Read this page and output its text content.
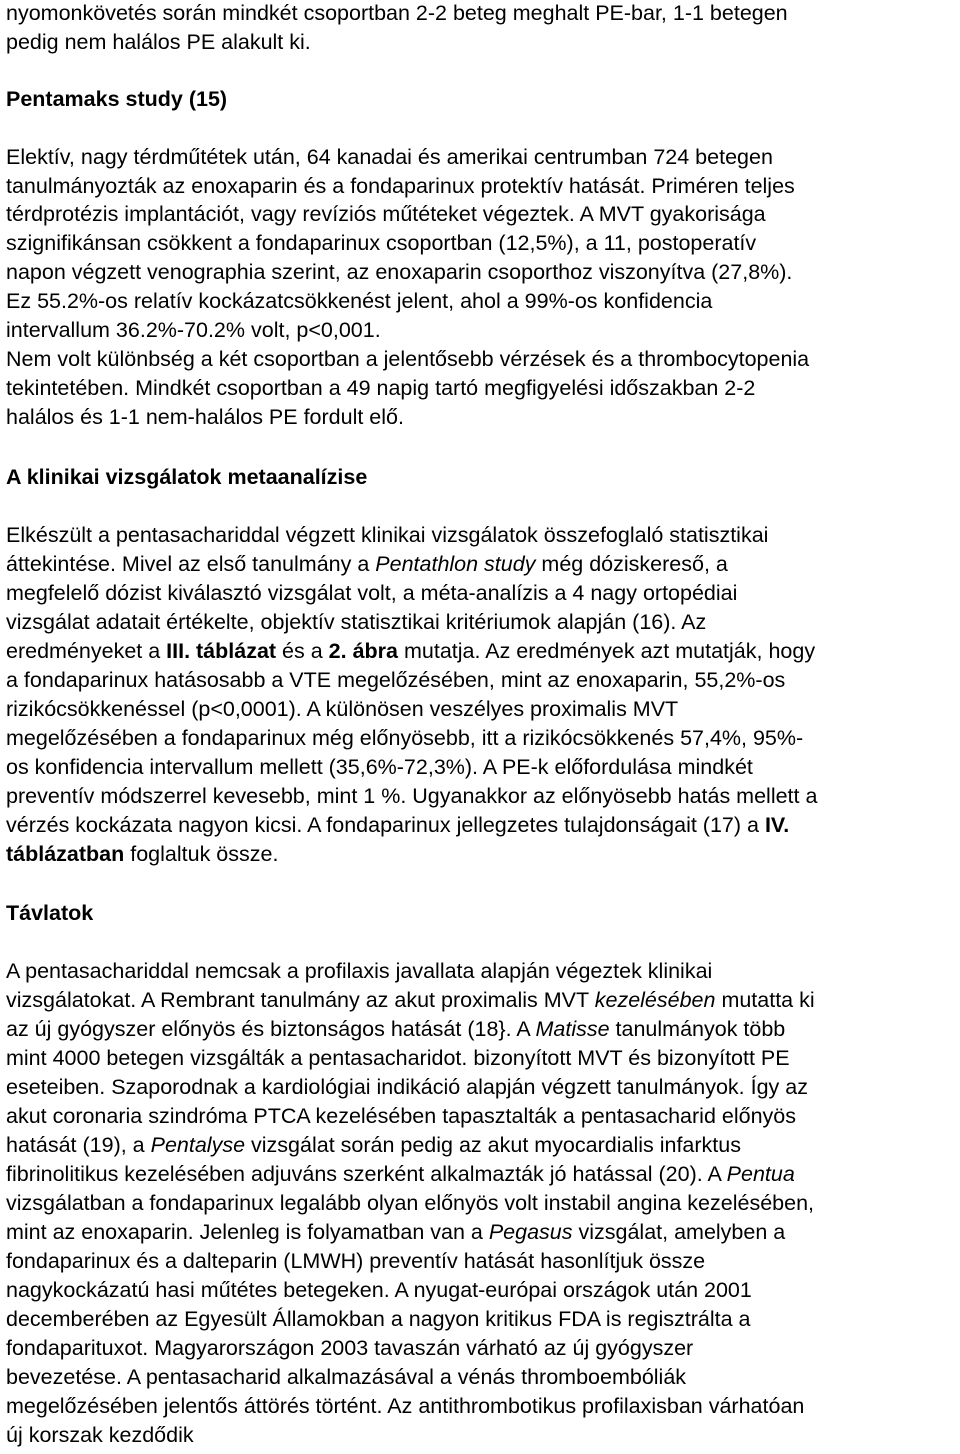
nyomonkövetés során mindkét csoportban 2-2 beteg meghalt PE-bar, 1-1 betegen
pedig nem halálos PE alakult ki.
Pentamaks study (15)
Elektív, nagy térdműtétek után, 64 kanadai és amerikai centrumban 724 betegen
tanulmányozták az enoxaparin és a fondaparinux protektív hatását. Priméren teljes
térdprotézis implantációt, vagy revíziós műtéteket végeztek. A MVT gyakorisága
szignifikánsan csökkent a fondaparinux csoportban (12,5%), a 11, postoperatív
napon végzett venographia szerint, az enoxaparin csoporthoz viszonyítva (27,8%).
Ez 55.2%-os relatív kockázatcsökkenést jelent, ahol a 99%-os konfidencia
intervallum 36.2%-70.2% volt, p<0,001.
Nem volt különbség a két csoportban a jelentősebb vérzések és a thrombocytopenia
tekintetében. Mindkét csoportban a 49 napig tartó megfigyelési időszakban 2-2
halálos és 1-1 nem-halálos PE fordult elő.
A klinikai vizsgálatok metaanalízise
Elkészült a pentasachariddal végzett klinikai vizsgálatok összefoglaló statisztikai
áttekintése. Mivel az első tanulmány a Pentathlon study még dóziskereső, a
megfelelő dózist kiválasztó vizsgálat volt, a méta-analízis a 4 nagy ortopédiai
vizsgálat adatait értékelte, objektív statisztikai kritériumok alapján (16). Az
eredményeket a III. táblázat és a 2. ábra mutatja. Az eredmények azt mutatják, hogy
a fondaparinux hatásosabb a VTE megelőzésében, mint az enoxaparin, 55,2%-os
rizikócsökkenéssel (p<0,0001). A különösen veszélyes proximalis MVT
megelőzésében a fondaparinux még előnyösebb, itt a rizikócsökkenés 57,4%, 95%-
os konfidencia intervallum mellett (35,6%-72,3%). A PE-k előfordulása mindkét
preventív módszerrel kevesebb, mint 1 %. Ugyanakkor az előnyösebb hatás mellett a
vérzés kockázata nagyon kicsi. A fondaparinux jellegzetes tulajdonságait (17) a IV.
táblázatban foglaltuk össze.
Távlatok
A pentasachariddal nemcsak a profilaxis javallata alapján végeztek klinikai
vizsgálatokat. A Rembrant tanulmány az akut proximalis MVT kezelésében mutatta ki
az új gyógyszer előnyös és biztonságos hatását (18}. A Matisse tanulmányok több
mint 4000 betegen vizsgálták a pentasacharidot. bizonyított MVT és bizonyított PE
eseteiben. Szaporodnak a kardiológiai indikáció alapján végzett tanulmányok. Így az
akut coronaria szindróma PTCA kezelésében tapasztalták a pentasacharid előnyös
hatását (19), a Pentalyse vizsgálat során pedig az akut myocardialis infarktus
fibrinolitikus kezelésében adjuváns szerként alkalmazták jó hatással (20). A Pentua
vizsgálatban a fondaparinux legalább olyan előnyös volt instabil angina kezelésében,
mint az enoxaparin. Jelenleg is folyamatban van a Pegasus vizsgálat, amelyben a
fondaparinux és a dalteparin (LMWH) preventív hatását hasonlítjuk össze
nagykockázatú hasi műtétes betegeken. A nyugat-európai országok után 2001
decemberében az Egyesült Államokban a nagyon kritikus FDA is regisztrálta a
fondaparituxot. Magyarországon 2003 tavaszán várható az új gyógyszer
bevezetése. A pentasacharid alkalmazásával a vénás thromboembóliák
megelőzésében jelentős áttörés történt. Az antithrombotikus profilaxisban várhatóan
új korszak kezdődik
